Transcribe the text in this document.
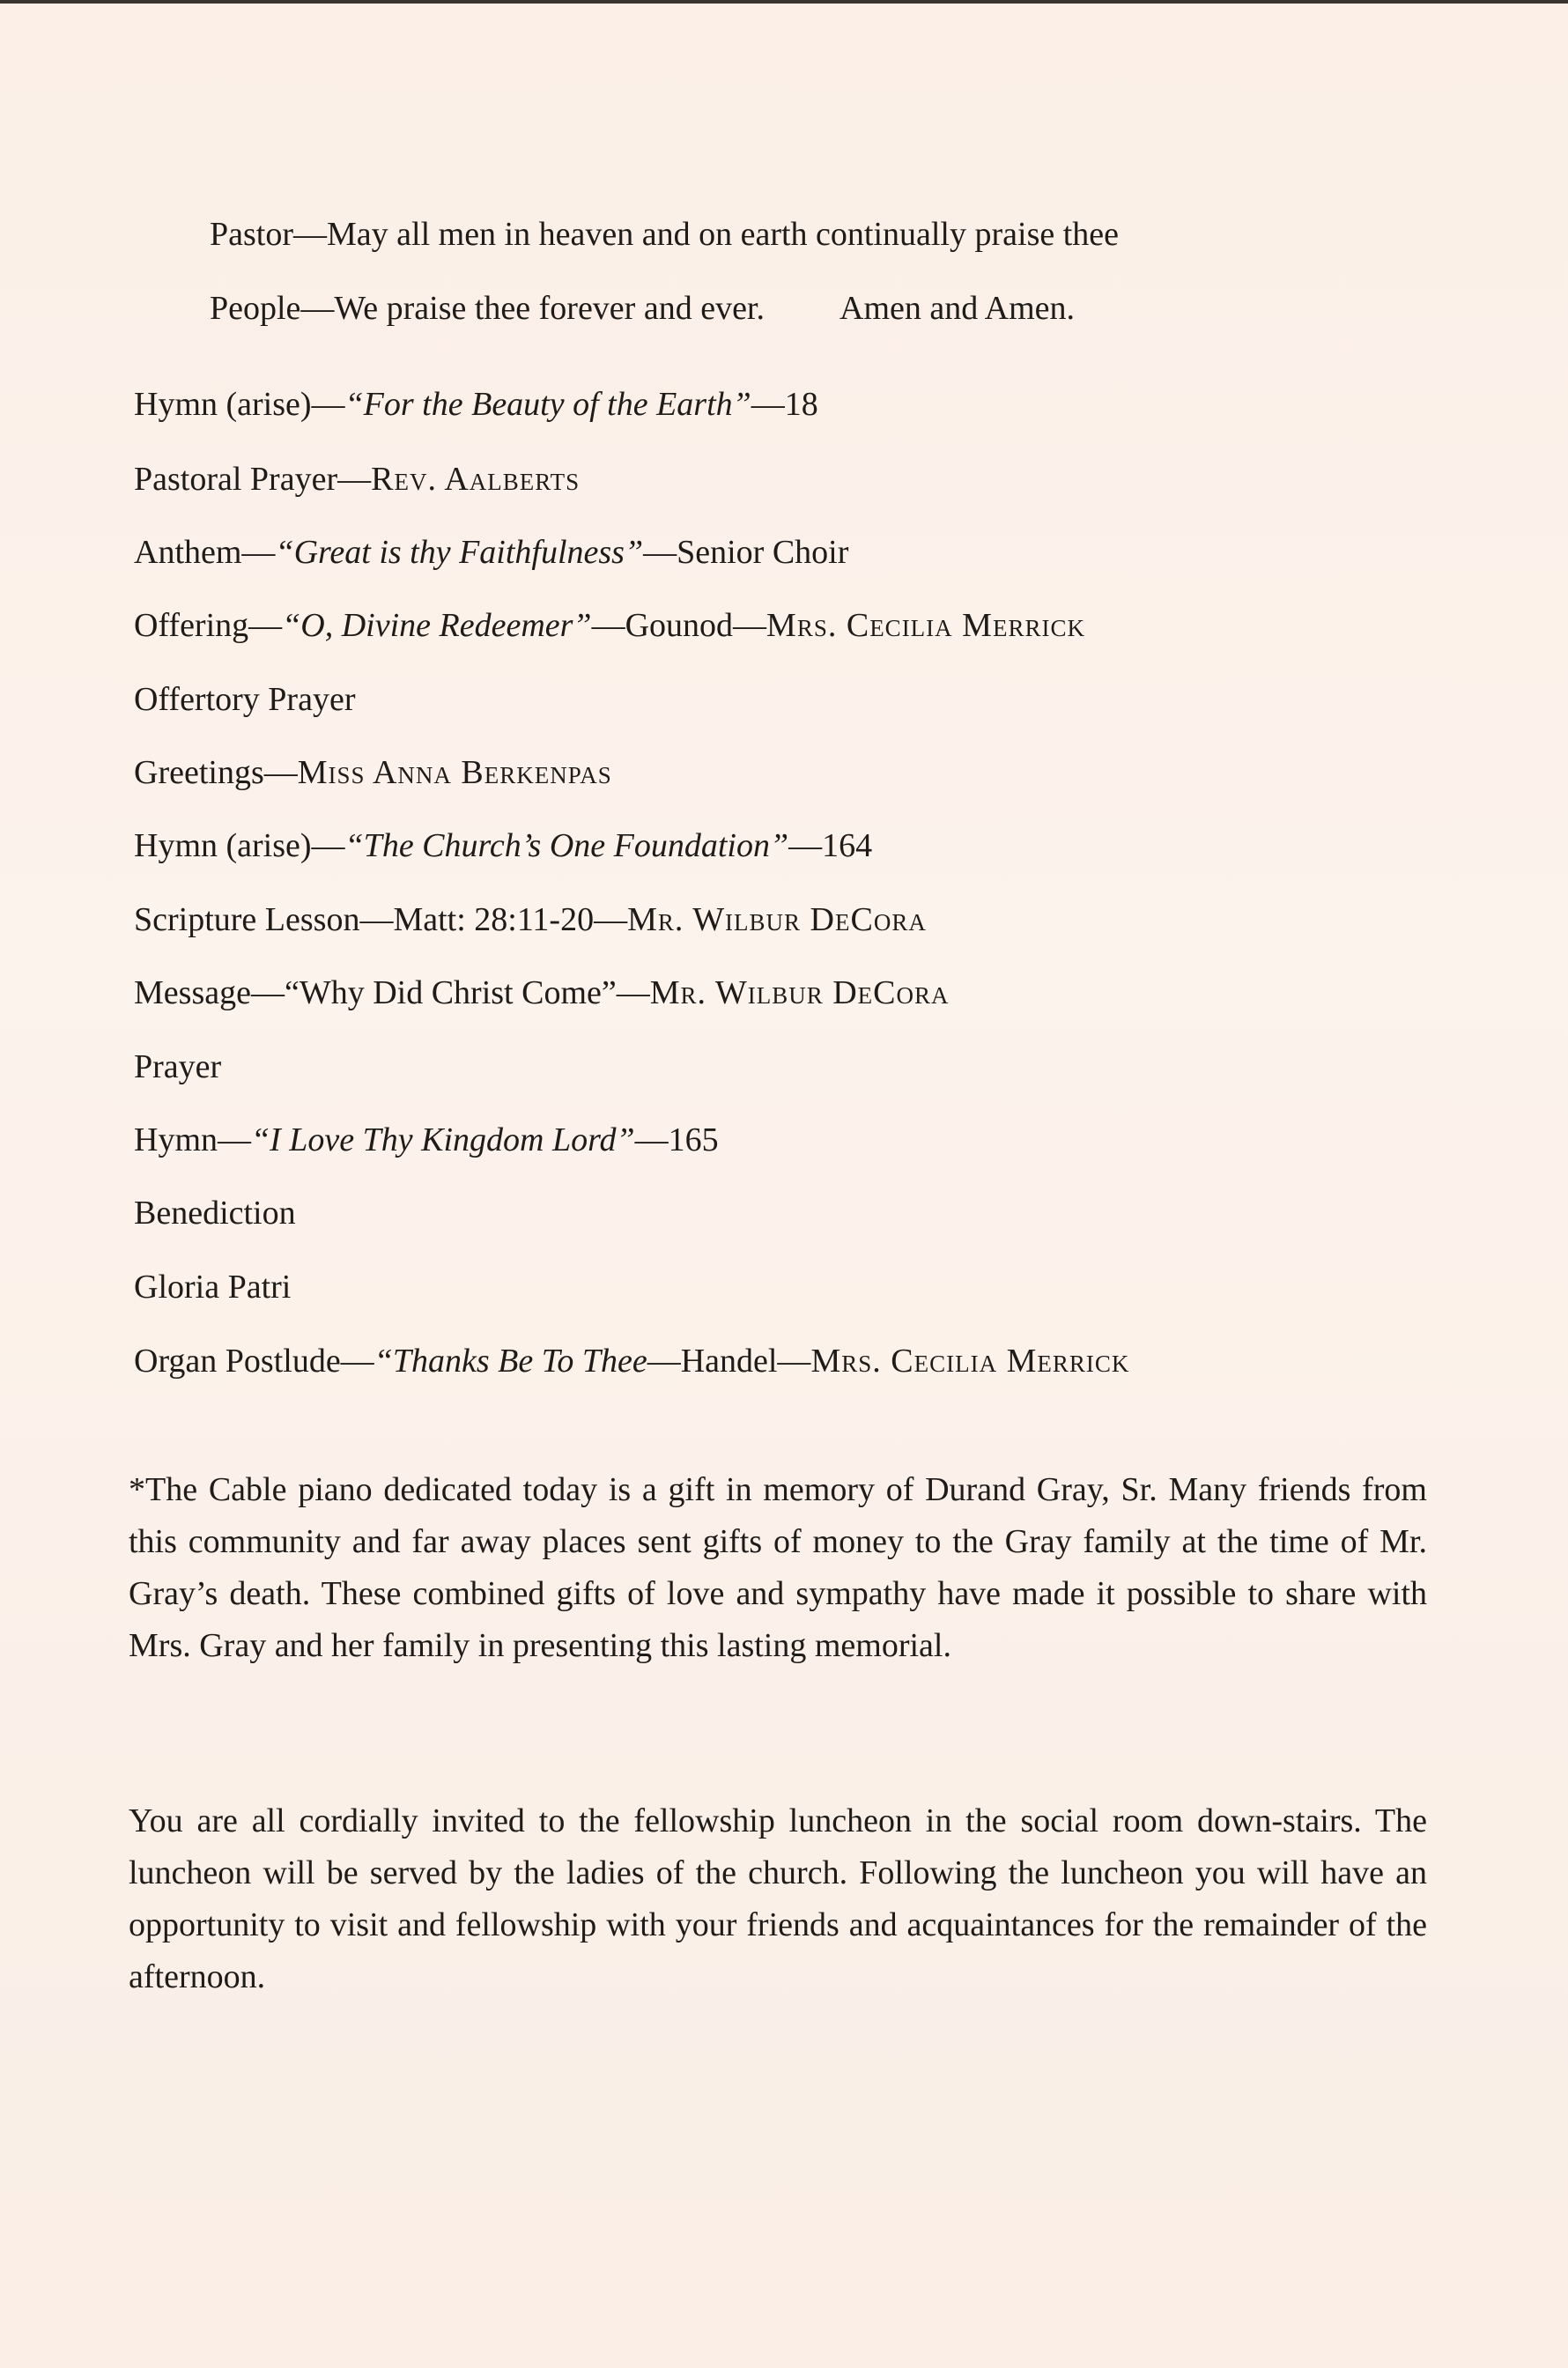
Pastor—May all men in heaven and on earth continually praise thee
People—We praise thee forever and ever. Amen and Amen.
Hymn (arise)—“For the Beauty of the Earth”—18
Pastoral Prayer—Rev. Aalberts
Anthem—“Great is thy Faithfulness”—Senior Choir
Offering—“O, Divine Redeemer”—Gounod—Mrs. Cecilia Merrick
Offertory Prayer
Greetings—Miss Anna Berkenpas
Hymn (arise)—“The Church’s One Foundation”—164
Scripture Lesson—Matt: 28:11-20—Mr. Wilbur DeCora
Message—“Why Did Christ Come”—Mr. Wilbur DeCora
Prayer
Hymn—“I Love Thy Kingdom Lord”—165
Benediction
Gloria Patri
Organ Postlude—“Thanks Be To Thee—Handel—Mrs. Cecilia Merrick
*The Cable piano dedicated today is a gift in memory of Durand Gray, Sr. Many friends from this community and far away places sent gifts of money to the Gray family at the time of Mr. Gray’s death. These combined gifts of love and sympathy have made it possible to share with Mrs. Gray and her family in presenting this lasting memorial.
You are all cordially invited to the fellowship luncheon in the social room down-stairs. The luncheon will be served by the ladies of the church. Following the luncheon you will have an opportunity to visit and fellowship with your friends and acquaintances for the remainder of the afternoon.
